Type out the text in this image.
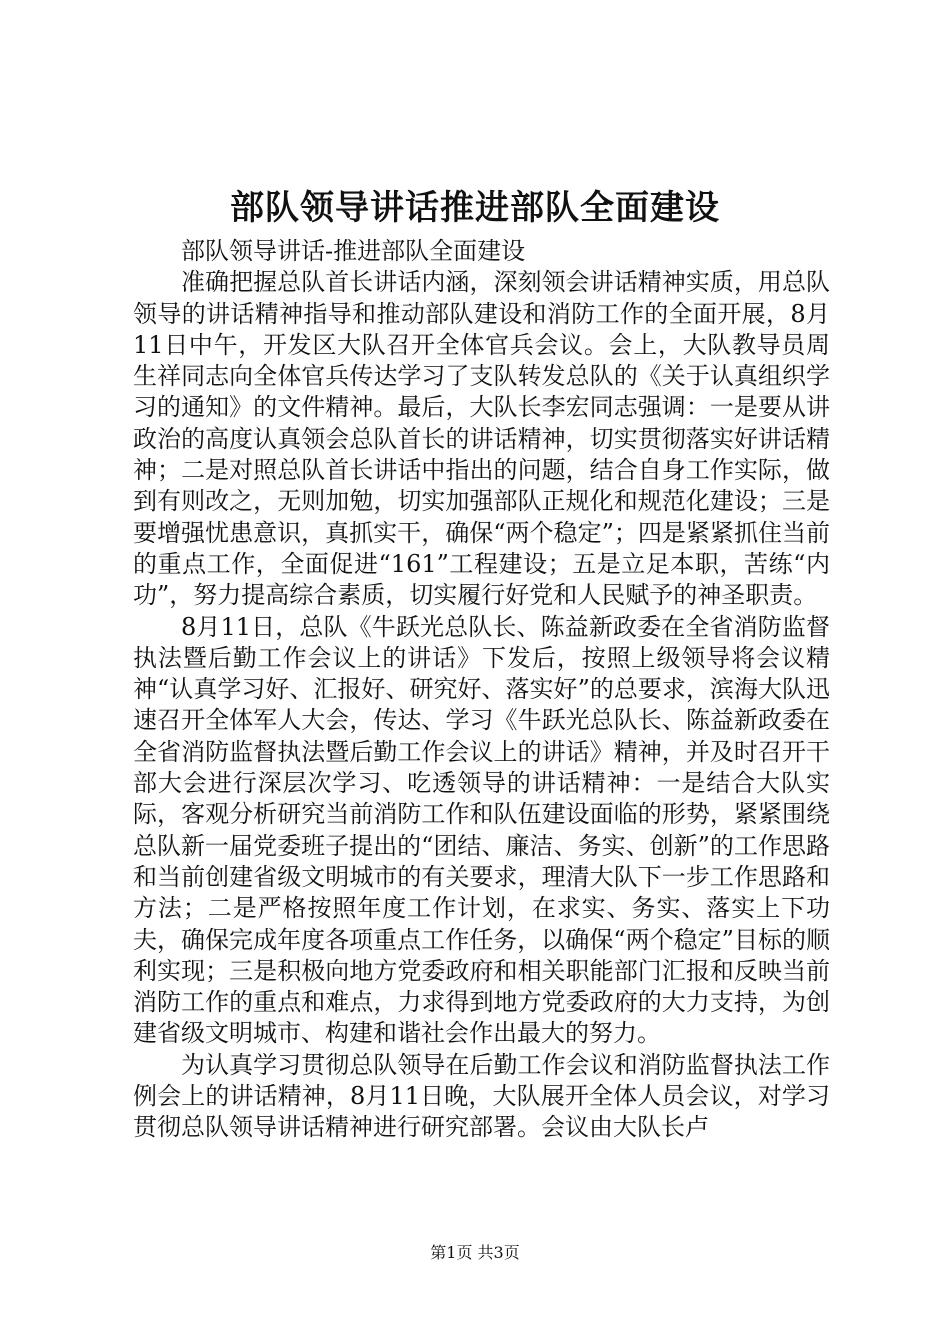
部队领导讲话推进部队全面建设

部队领导讲话-推进部队全面建设

准确把握总队首长讲话内涵，深刻领会讲话精神实质，用总队领导的讲话精神指导和推动部队建设和消防工作的全面开展，8月11日中午，开发区大队召开全体官兵会议。会上，大队教导员周生祥同志向全体官兵传达学习了支队转发总队的《关于认真组织学习的通知》的文件精神。最后，大队长李宏同志强调：一是要从讲政治的高度认真领会总队首长的讲话精神，切实贯彻落实好讲话精神；二是对照总队首长讲话中指出的问题，结合自身工作实际，做到有则改之，无则加勉，切实加强部队正规化和规范化建设；三是要增强忧患意识，真抓实干，确保“两个稳定”；四是紧紧抓住当前的重点工作，全面促进“161”工程建设；五是立足本职，苦练“内功”，努力提高综合素质，切实履行好党和人民赋予的神圣职责。

8月11日，总队《牛跃光总队长、陈益新政委在全省消防监督执法暨后勤工作会议上的讲话》下发后，按照上级领导将会议精神“认真学习好、汇报好、研究好、落实好”的总要求，滨海大队迅速召开全体军人大会，传达、学习《牛跃光总队长、陈益新政委在全省消防监督执法暨后勤工作会议上的讲话》精神，并及时召开干部大会进行深层次学习、吃透领导的讲话精神：一是结合大队实际，客观分析研究当前消防工作和队伍建设面临的形势，紧紧围绕总队新一届党委班子提出的“团结、廉洁、务实、创新”的工作思路和当前创建省级文明城市的有关要求，理清大队下一步工作思路和方法；二是严格按照年度工作计划，在求实、务实、落实上下功夫，确保完成年度各项重点工作任务，以确保“两个稳定”目标的顺利实现；三是积极向地方党委政府和相关职能部门汇报和反映当前消防工作的重点和难点，力求得到地方党委政府的大力支持，为创建省级文明城市、构建和谐社会作出最大的努力。

为认真学习贯彻总队领导在后勤工作会议和消防监督执法工作例会上的讲话精神，8月11日晚，大队展开全体人员会议，对学习贯彻总队领导讲话精神进行研究部署。会议由大队长卢

第1页 共3页
